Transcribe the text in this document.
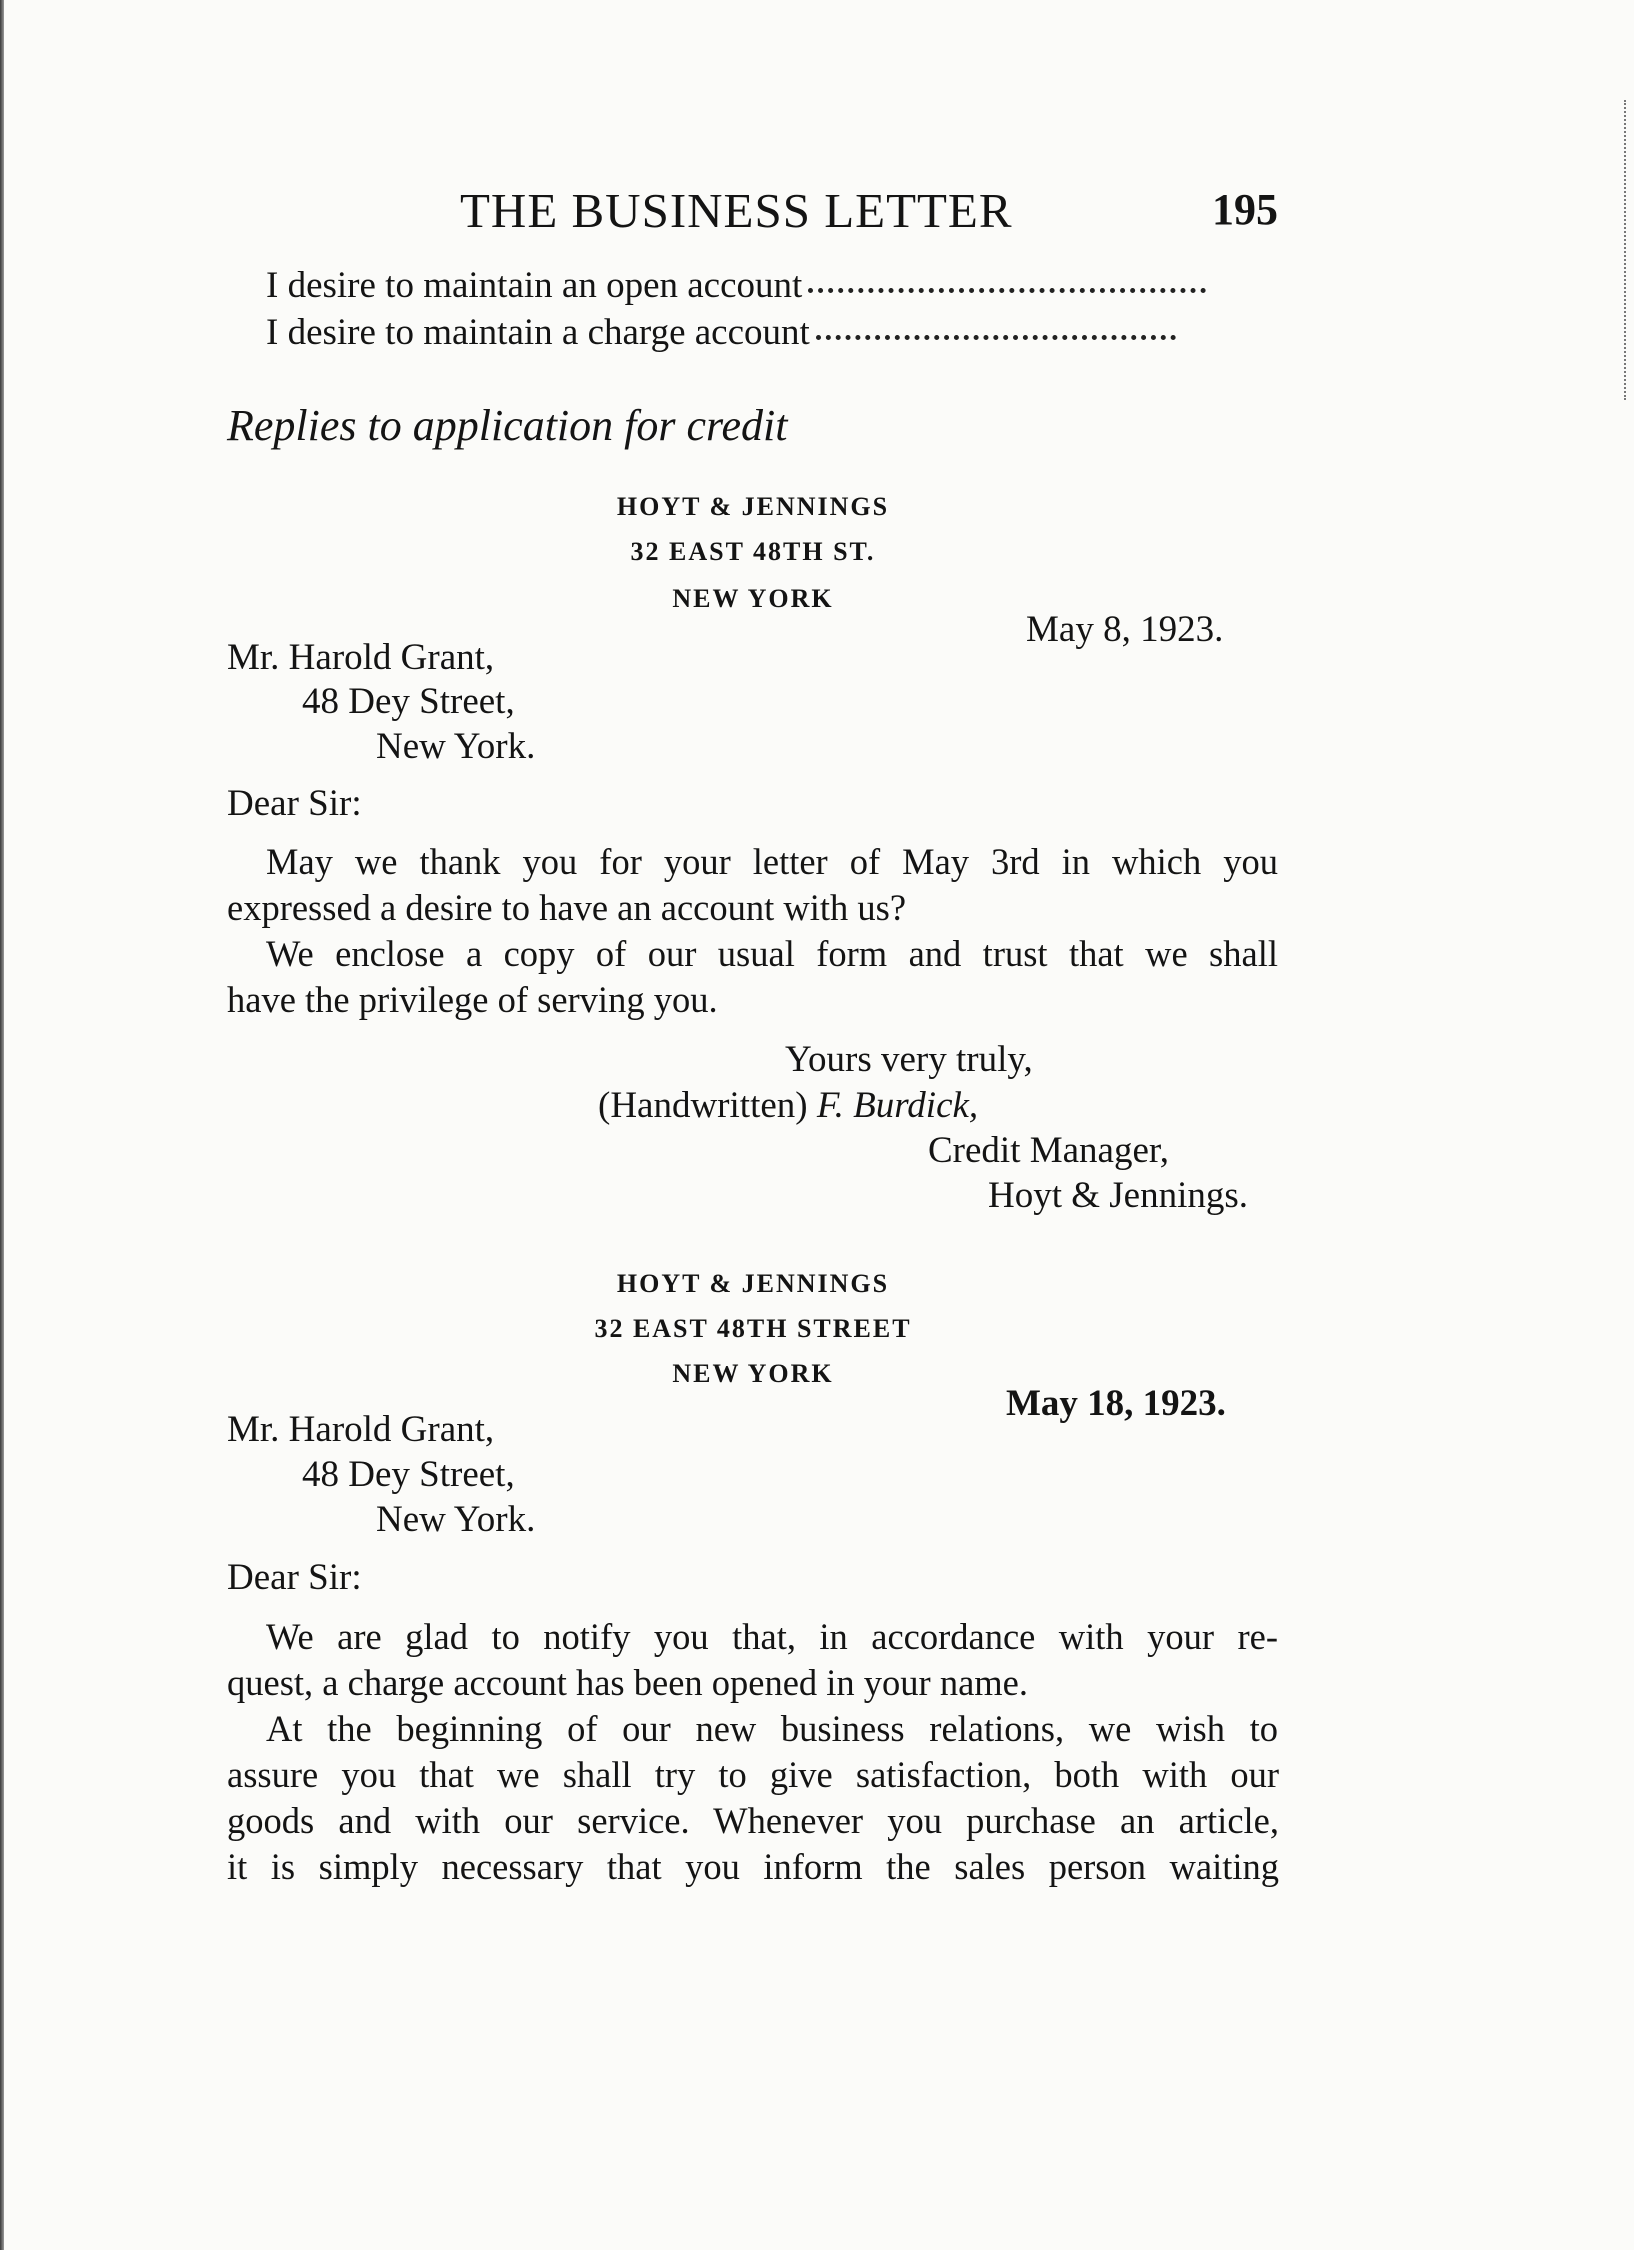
THE BUSINESS LETTER	195
I desire to maintain an open account
I desire to maintain a charge account
Replies to application for credit
HOYT & JENNINGS
32 EAST 48TH ST.
NEW YORK
May 8, 1923.
Mr. Harold Grant,
48 Dey Street,
New York.
Dear Sir:
May we thank you for your letter of May 3rd in which you
expressed a desire to have an account with us?
We enclose a copy of our usual form and trust that we shall
have the privilege of serving you.
Yours very truly,
(Handwritten) F. Burdick,
Credit Manager,
Hoyt & Jennings.
HOYT & JENNINGS
32 EAST 48TH STREET
NEW YORK
May 18, 1923.
Mr. Harold Grant,
48 Dey Street,
New York.
Dear Sir:
We are glad to notify you that, in accordance with your re-
quest, a charge account has been opened in your name.
At the beginning of our new business relations, we wish to
assure you that we shall try to give satisfaction, both with our
goods and with our service. Whenever you purchase an article,
it is simply necessary that you inform the sales person waiting
